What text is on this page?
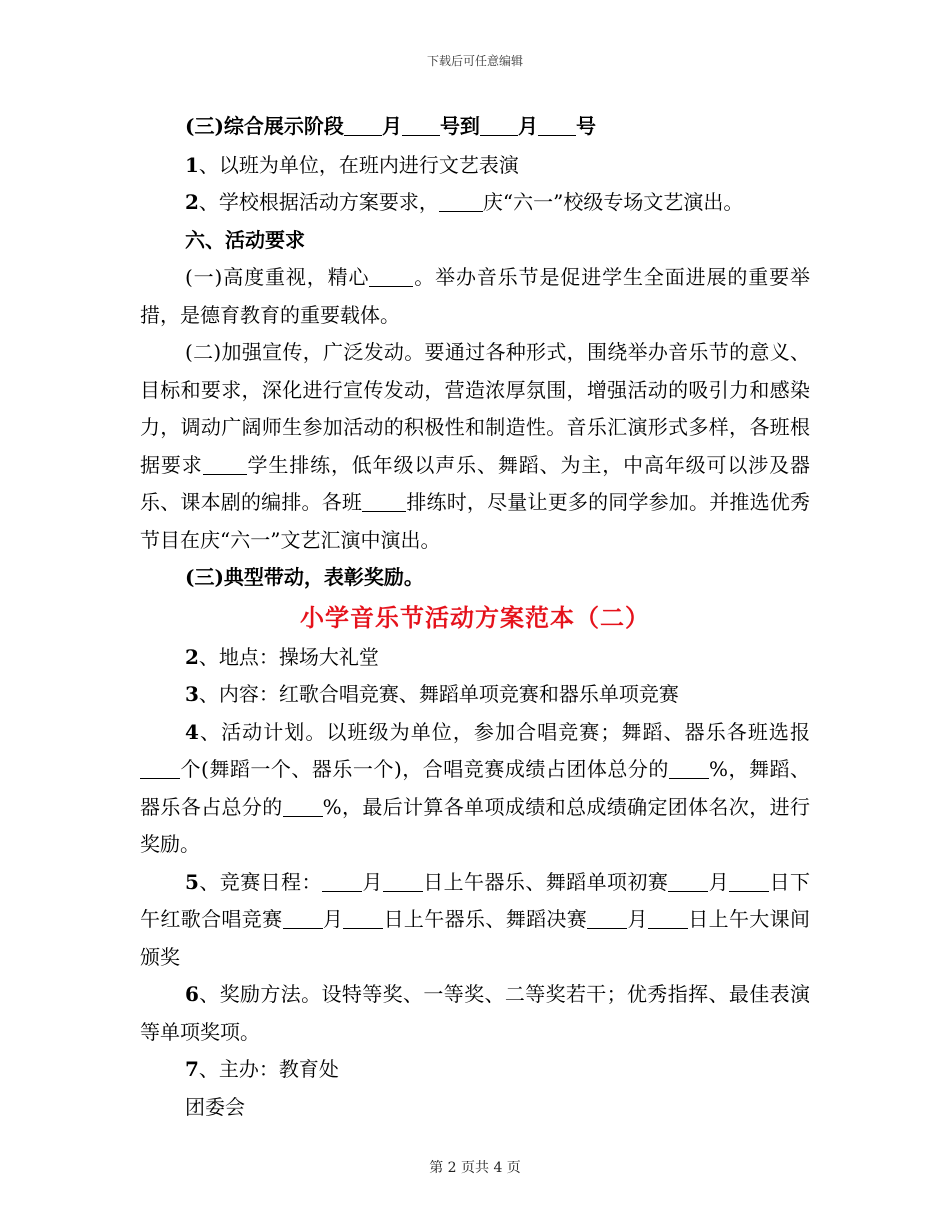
下载后可任意编辑

(三)综合展示阶段 月 号到 月 号

1、以班为单位，在班内进行文艺表演

2、学校根据活动方案要求， 庆“六一”校级专场文艺演出。

六、活动要求

(一)高度重视，精心 。举办音乐节是促进学生全面进展的重要举措，是德育教育的重要载体。

(二)加强宣传，广泛发动。要通过各种形式，围绕举办音乐节的意义、目标和要求，深化进行宣传发动，营造浓厚氛围，增强活动的吸引力和感染力，调动广阔师生参加活动的积极性和制造性。音乐汇演形式多样，各班根据要求 学生排练，低年级以声乐、舞蹈、为主，中高年级可以涉及器乐、课本剧的编排。各班 排练时，尽量让更多的同学参加。并推选优秀节目在庆“六一”文艺汇演中演出。

(三)典型带动，表彰奖励。

小学音乐节活动方案范本（二）

2、地点：操场大礼堂

3、内容：红歌合唱竞赛、舞蹈单项竞赛和器乐单项竞赛

4、活动计划。以班级为单位，参加合唱竞赛；舞蹈、器乐各班选报个(舞蹈一个、器乐一个)，合唱竞赛成绩占团体总分的 %，舞蹈、器乐各占总分的 %，最后计算各单项成绩和总成绩确定团体名次，进行奖励。

5、竞赛日程： 月 日上午器乐、舞蹈单项初赛 月 日下午红歌合唱竞赛 月 日上午器乐、舞蹈决赛 月 日上午大课间颁奖

6、奖励方法。设特等奖、一等奖、二等奖若干；优秀指挥、最佳表演等单项奖项。

7、主办：教育处

团委会

第 2 页共 4 页
